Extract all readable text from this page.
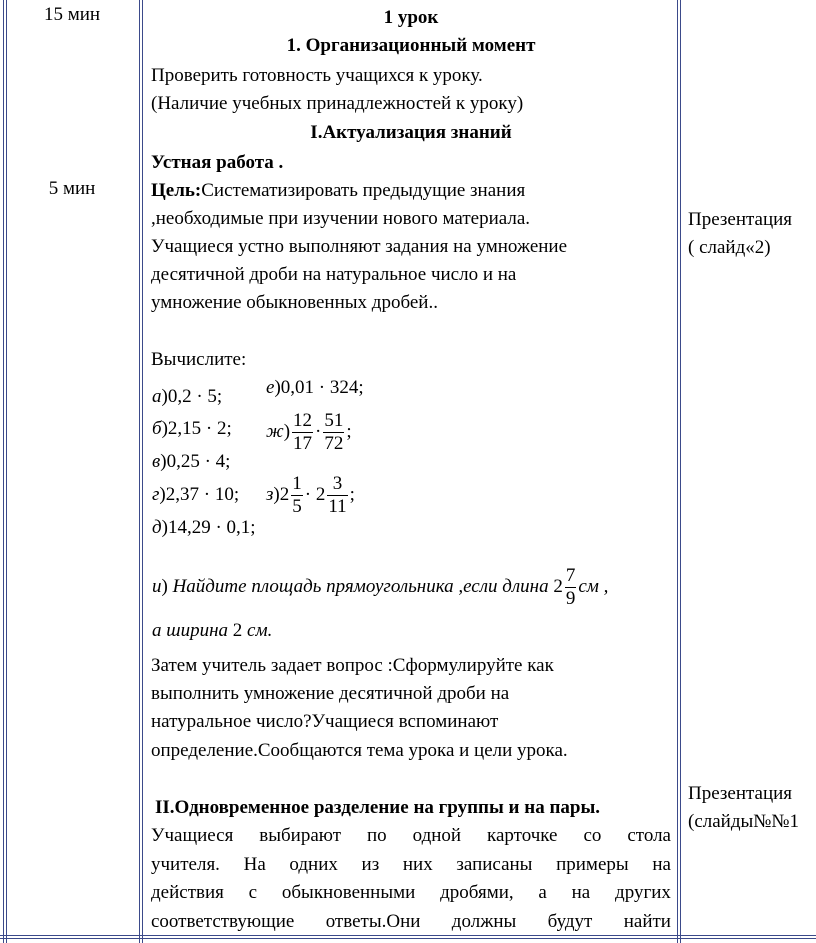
15 мин
5 мин
Презентация
( слайд«2)
Презентация
(слайды№№1
1 урок
1. Организационный момент
Проверить готовность учащихся к уроку.
(Наличие учебных принадлежностей к уроку)
I.Актуализация знаний
Устная работа .
Цель:Систематизировать предыдущие знания
,необходимые при изучении нового материала.
Учащиеся устно выполняют задания на умножение
десятичной дроби на натуральное число и на
умножение обыкновенных дробей..
Вычислите:
а)0,2 · 5;
б)2,15 · 2;
в)0,25 · 4;
г)2,37 · 10;
д)14,29 · 0,1;
е)0,01 · 324;
$ж) \frac{12}{17} \cdot \frac{51}{72}$ ;
$з)2 \frac{1}{5} \cdot 2 \frac{3}{11}$ ;
и) Найдите площадь прямоугольника ,если длина $2 \frac{7}{9}$ см ,
а ширина 2 см.
Затем учитель задает вопрос :Сформулируйте как
выполнить умножение десятичной дроби на
натуральное число?Учащиеся вспоминают
определение.Сообщаются тема урока и цели урока.
II.Одновременное разделение на группы и на пары.
Учащиеся выбирают по одной карточке со стола
учителя. На одних из них записаны примеры на
действия с обыкновенными дробями, а на других
соответствующие ответы.Они должны будут найти
